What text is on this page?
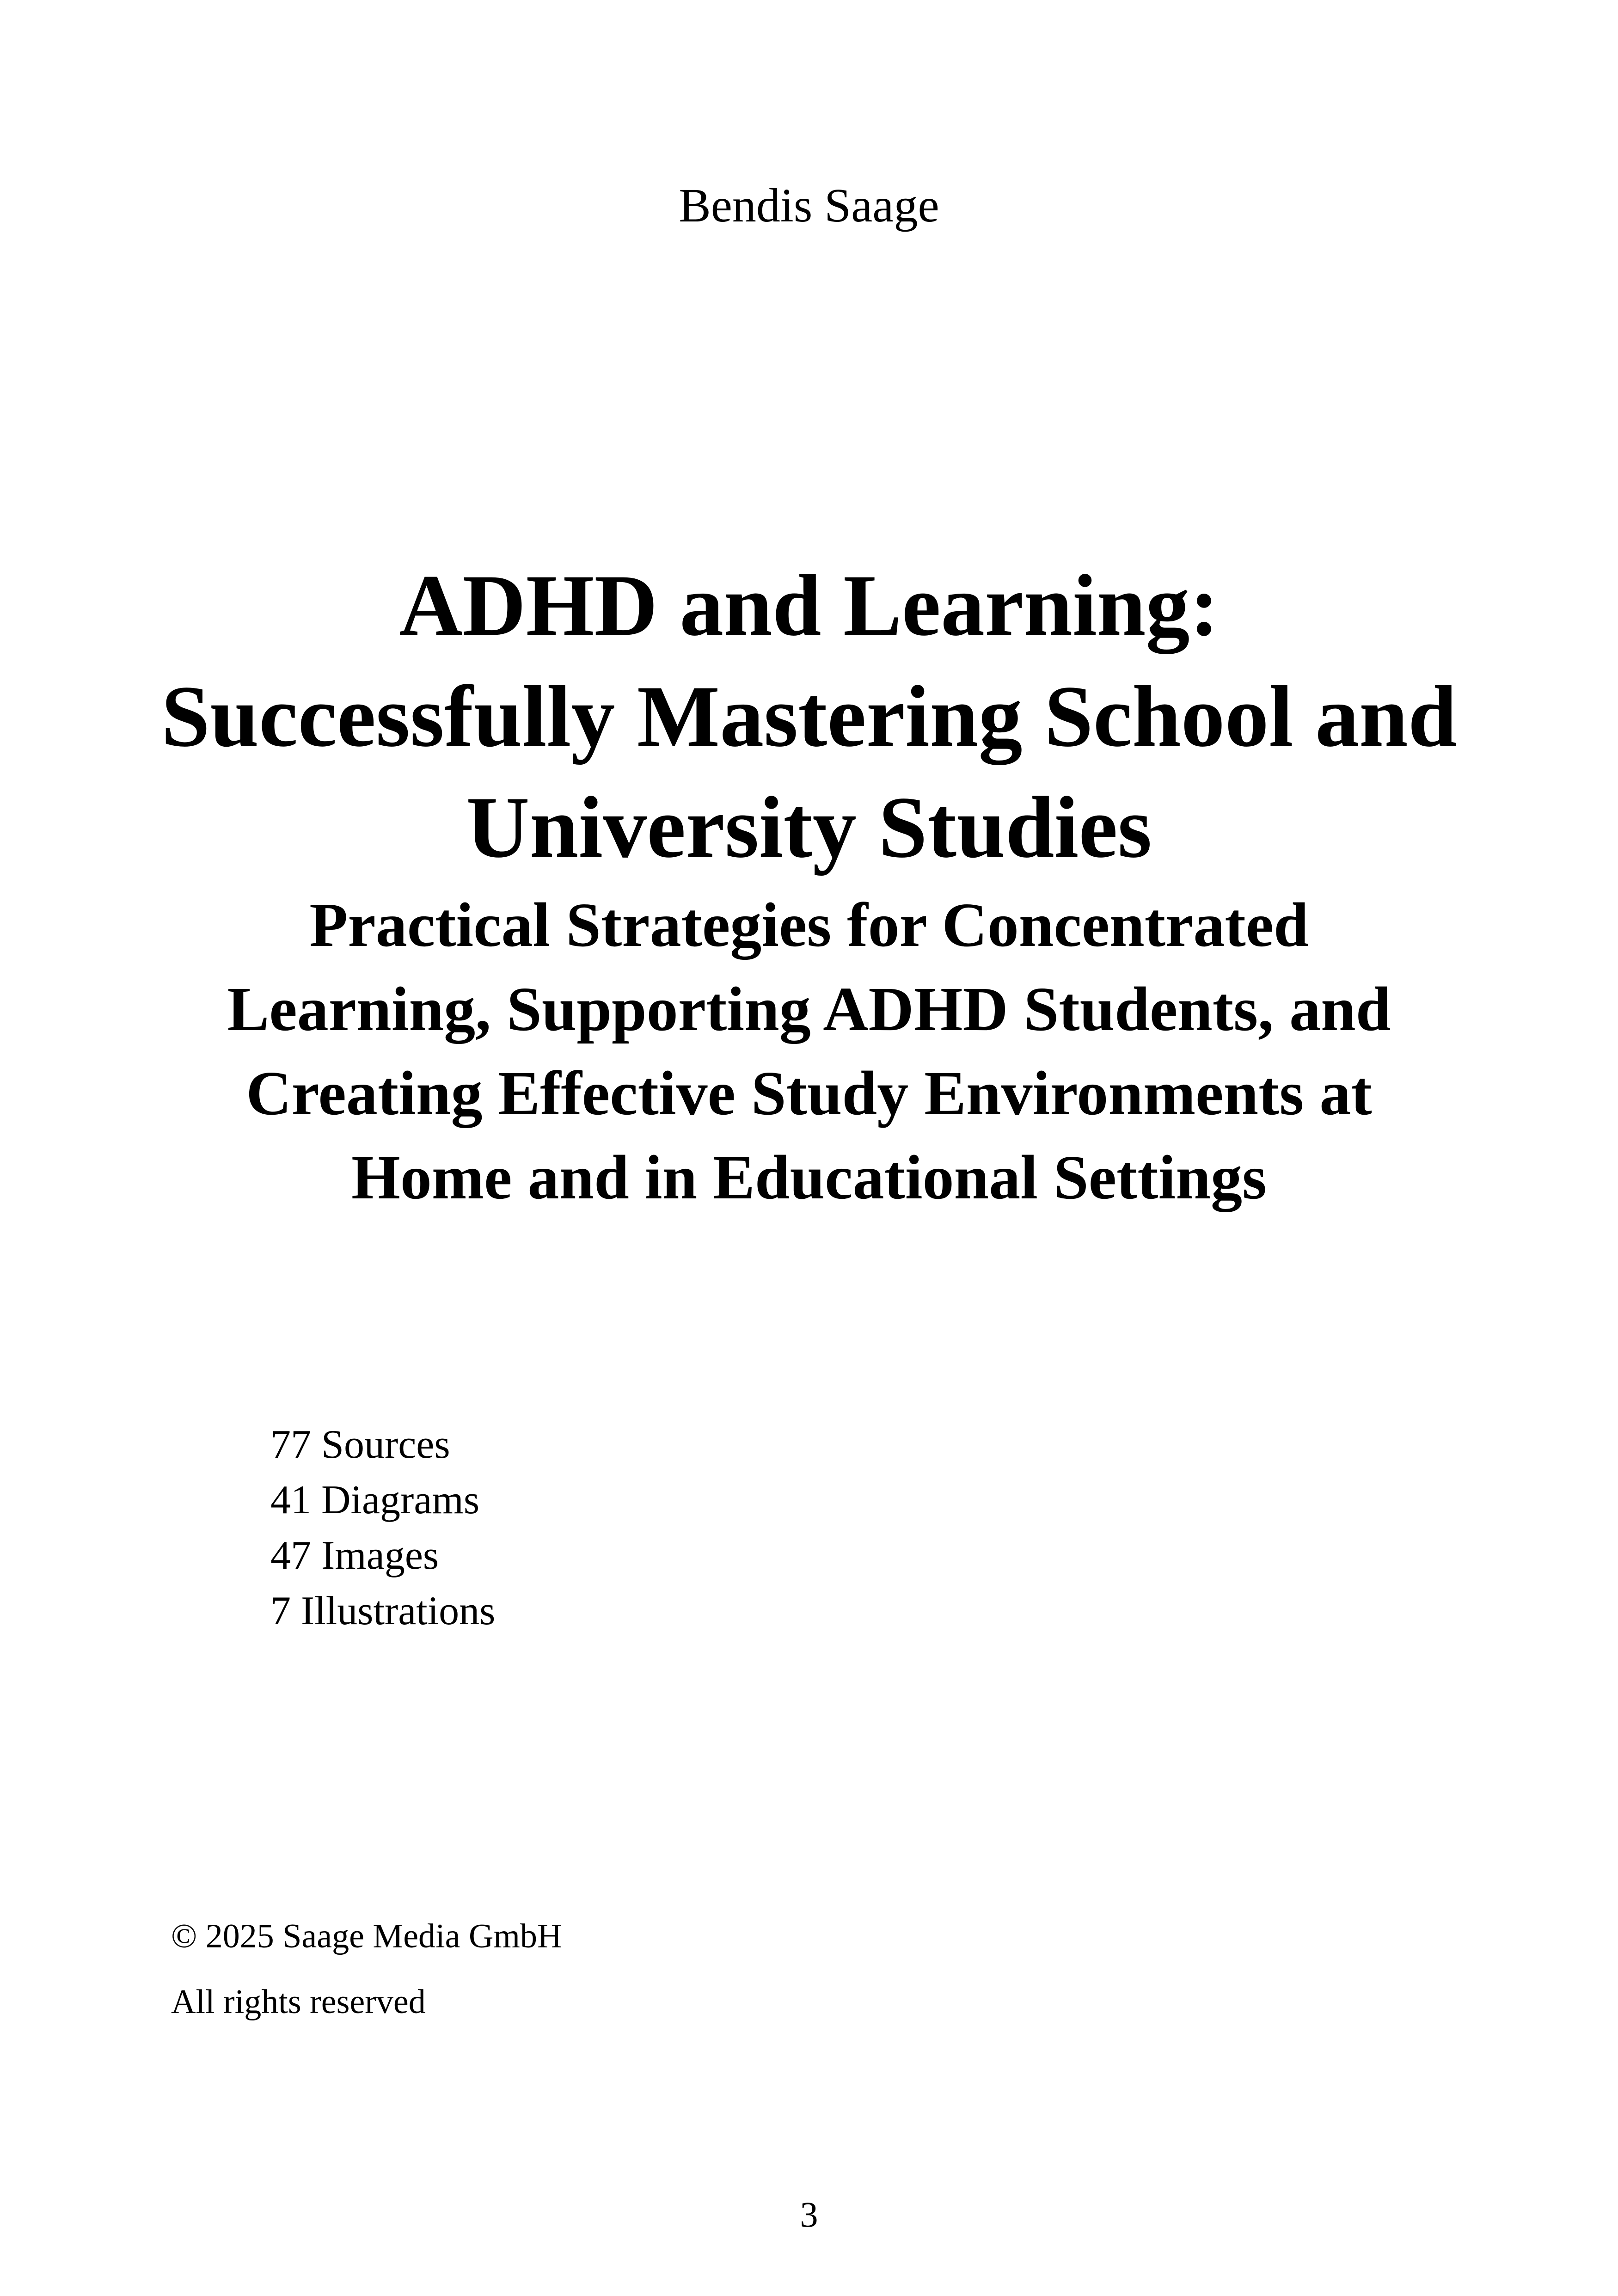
Bendis Saage
ADHD and Learning:
Successfully Mastering School and
University Studies
Practical Strategies for Concentrated
Learning, Supporting ADHD Students, and
Creating Effective Study Environments at
Home and in Educational Settings
77 Sources
41 Diagrams
47 Images
7 Illustrations
© 2025 Saage Media GmbH
All rights reserved
3
